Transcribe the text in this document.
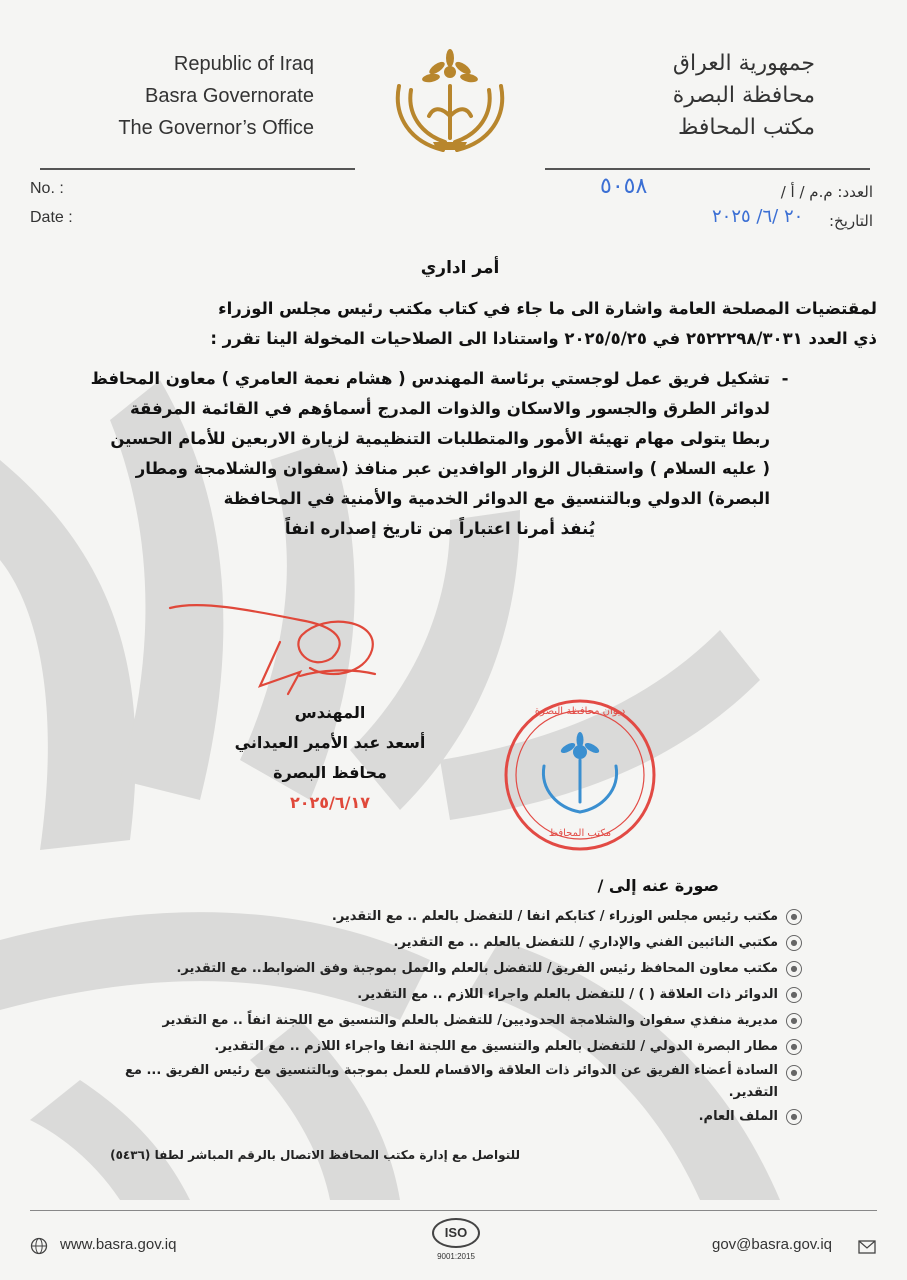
Republic of Iraq
Basra Governorate
The Governor’s Office
جمهورية العراق
محافظة البصرة
مكتب المحافظ
No. :
Date :
العدد: م.م / أ /
التاريخ:
٥٠٥٨
٢٠ /٦/ ٢٠٢٥
أمر اداري
لمقتضيات المصلحة العامة واشارة الى ما جاء في كتاب مكتب رئيس مجلس الوزراء
ذي العدد ٢٥٢٢٢٩٨/٣٠٣١ في ٢٠٢٥/٥/٢٥ واستنادا الى الصلاحيات المخولة الينا تقرر :
-
تشكيل فريق عمل لوجستي برئاسة المهندس ( هشام نعمة العامري ) معاون المحافظ
لدوائر الطرق والجسور والاسكان والذوات المدرج أسماؤهم في القائمة المرفقة
ربطا يتولى مهام تهيئة الأمور والمتطلبات التنظيمية لزيارة الاربعين للأمام الحسين
( عليه السلام ) واستقبال الزوار الوافدين عبر منافذ (سفوان والشلامجة ومطار
البصرة) الدولي وبالتنسيق مع الدوائر الخدمية والأمنية في المحافظة
يُنفذ أمرنا اعتباراً من تاريخ إصداره انفاً
المهندس
أسعد عبد الأمير العيداني
محافظ البصرة
٢٠٢٥/٦/١٧
ديوان محافظة البصرة
مكتب المحافظ
صورة عنه إلى /
●
مكتب رئيس مجلس الوزراء / كتابكم انفا / للتفضل بالعلم .. مع التقدير.
●
مكتبي النائبين الفني والإداري / للتفضل بالعلم .. مع التقدير.
●
مكتب معاون المحافظ رئيس الفريق/ للتفضل بالعلم والعمل بموجبة وفق الضوابط.. مع التقدير.
●
الدوائر ذات العلاقة ( ) / للتفضل بالعلم واجراء اللازم .. مع التقدير.
●
مديرية منفذي سفوان والشلامجة الحدوديين/ للتفضل بالعلم والتنسيق مع اللجنة انفاً .. مع التقدير
●
مطار البصرة الدولي / للتفضل بالعلم والتنسيق مع اللجنة انفا واجراء اللازم .. مع التقدير.
●
السادة أعضاء الفريق عن الدوائر ذات العلاقة والاقسام للعمل بموجبة وبالتنسيق مع رئيس الفريق ... مع التقدير.
●
الملف العام.
للتواصل مع إدارة مكتب المحافظ الاتصال بالرقم المباشر لطفا (٥٤٣٦)
www.basra.gov.iq
ISO
9001:2015
gov@basra.gov.iq
